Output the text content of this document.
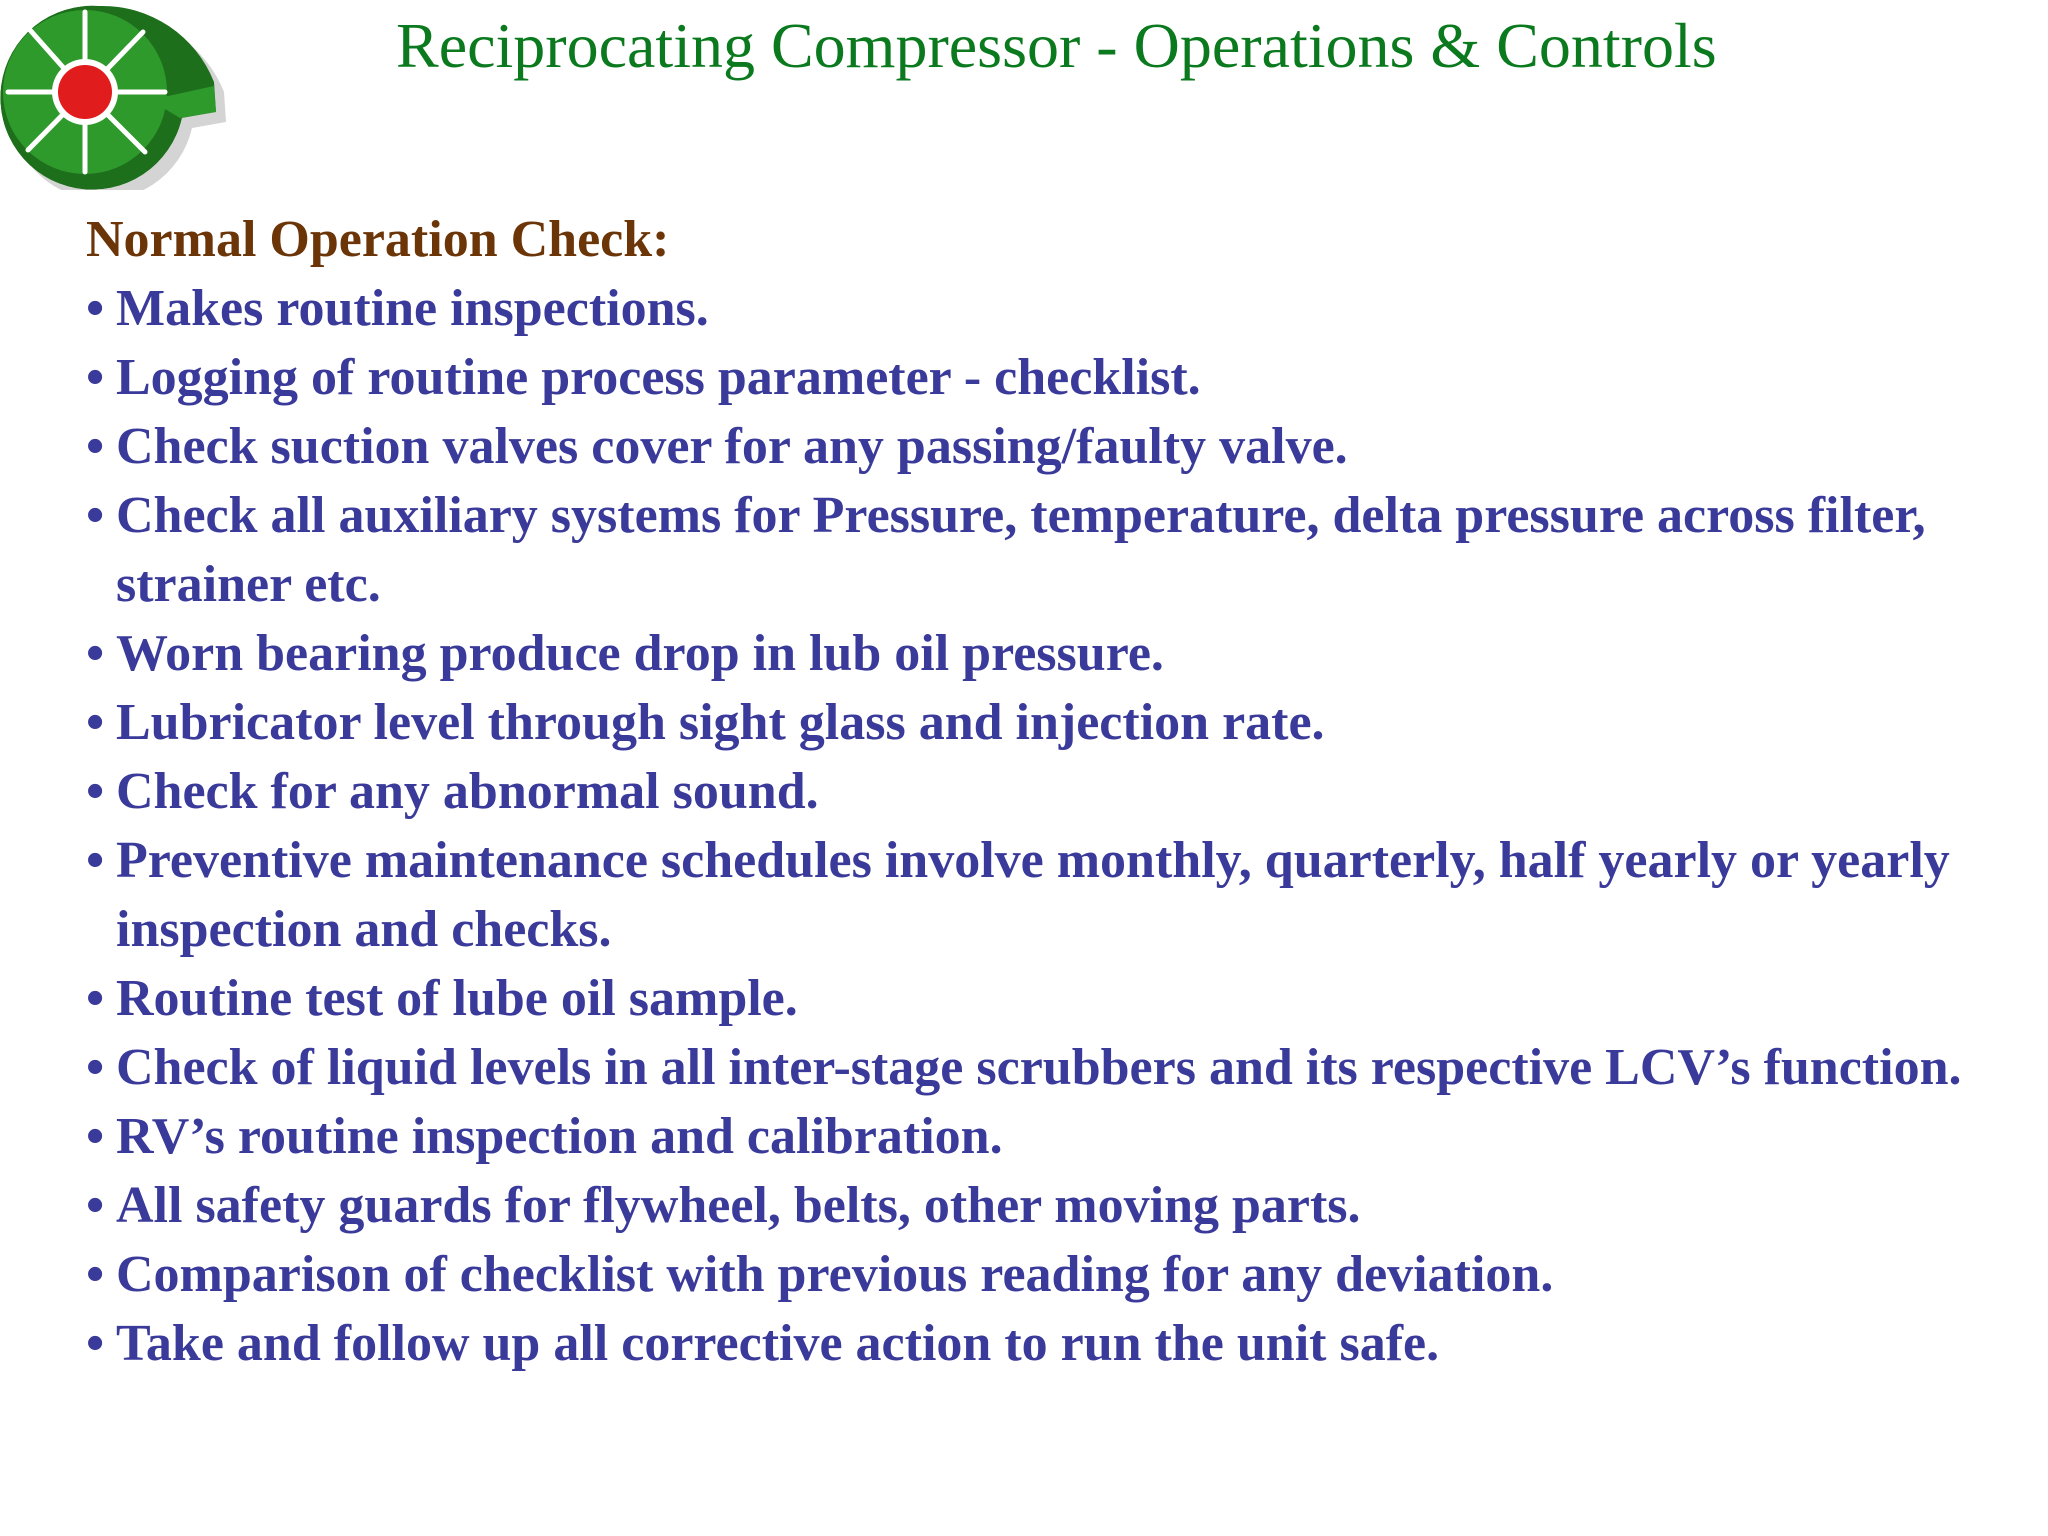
Reciprocating Compressor - Operations & Controls
Normal Operation Check:
• Makes routine inspections.
• Logging of routine process parameter - checklist.
• Check suction valves cover for any passing/faulty valve.
• Check all auxiliary systems for Pressure, temperature, delta pressure across filter, strainer etc.
• Worn bearing produce drop in lub oil pressure.
• Lubricator level through sight glass and injection rate.
• Check for any abnormal sound.
• Preventive maintenance schedules involve monthly, quarterly, half yearly or yearly inspection and checks.
• Routine test of lube oil sample.
• Check of liquid levels in all inter-stage scrubbers and its respective LCV’s function.
• RV’s routine inspection and calibration.
• All safety guards for flywheel, belts, other moving parts.
• Comparison of checklist with previous reading for any deviation.
• Take and follow up all corrective action to run the unit safe.
